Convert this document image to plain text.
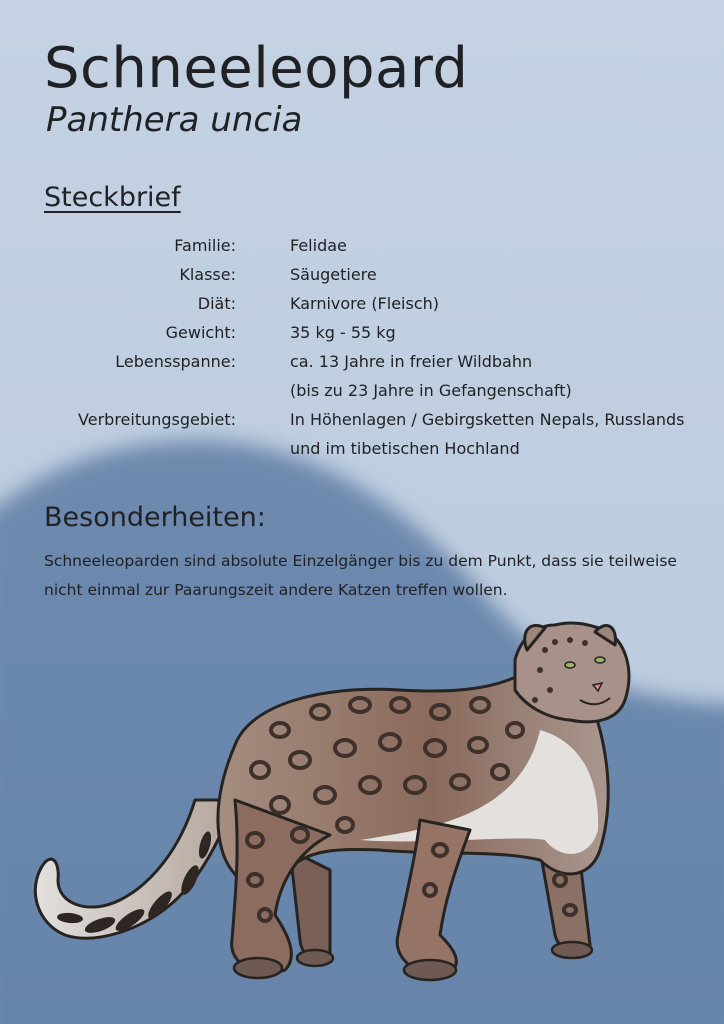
Schneeleopard
Panthera uncia
Steckbrief
Familie:	Felidae
Klasse:	Säugetiere
Diät:	Karnivore (Fleisch)
Gewicht:	35 kg - 55 kg
Lebensspanne:	ca. 13 Jahre in freier Wildbahn
(bis zu 23 Jahre in Gefangenschaft)
Verbreitungsgebiet:	In Höhenlagen / Gebirgsketten Nepals, Russlands
und im tibetischen Hochland
Besonderheiten:
Schneeleoparden sind absolute Einzelgänger bis zu dem Punkt, dass sie teilweise nicht einmal zur Paarungszeit andere Katzen treffen wollen.
